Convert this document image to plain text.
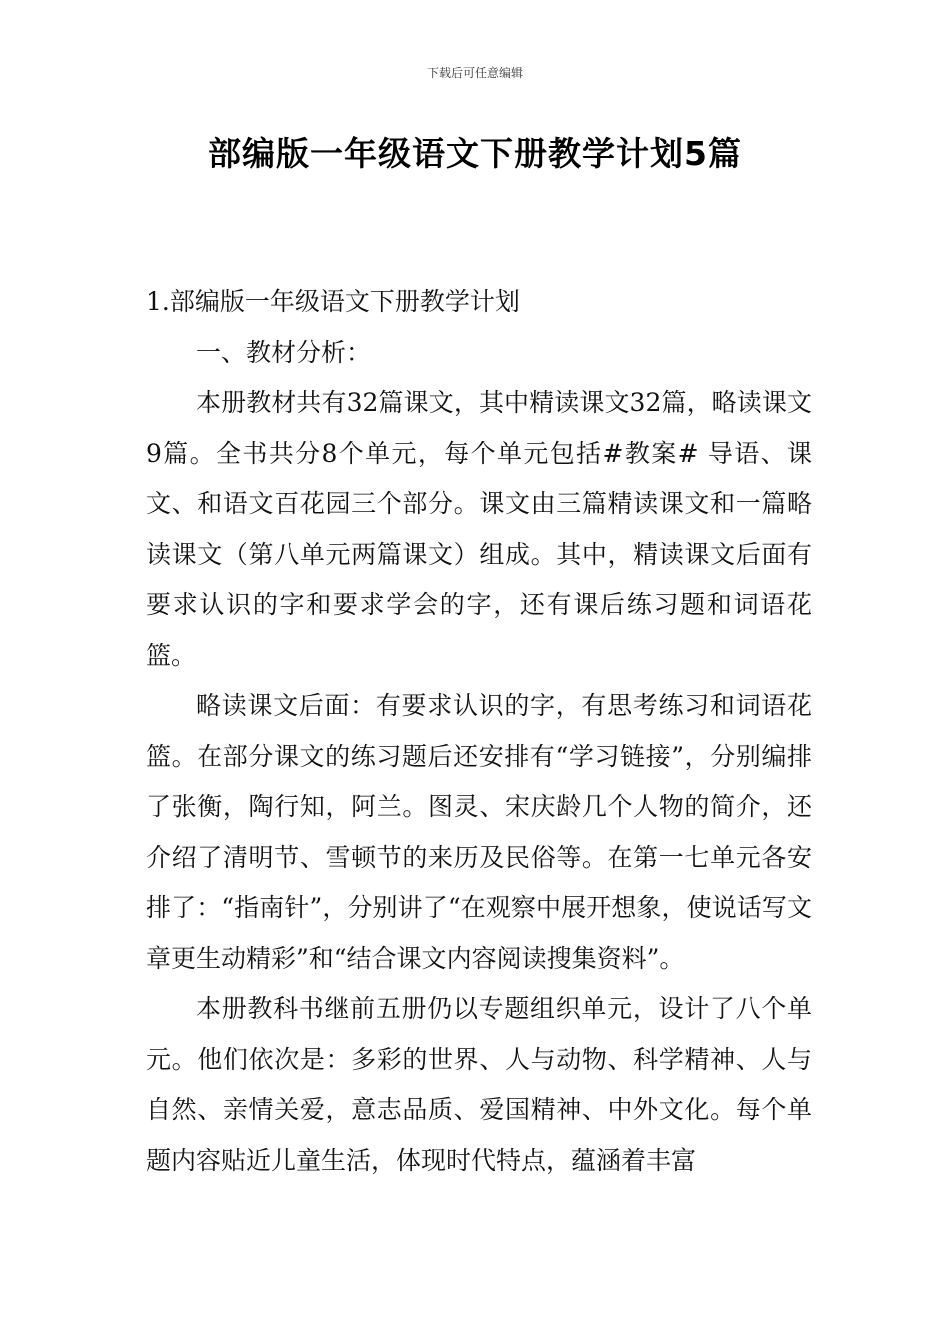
下载后可任意编辑
部编版一年级语文下册教学计划5篇

1.部编版一年级语文下册教学计划

一、教材分析：

本册教材共有32篇课文，其中精读课文32篇，略读课文9篇。全书共分8个单元，每个单元包括#教案# 导语、课文、和语文百花园三个部分。课文由三篇精读课文和一篇略读课文（第八单元两篇课文）组成。其中，精读课文后面有要求认识的字和要求学会的字，还有课后练习题和词语花篮。

略读课文后面：有要求认识的字，有思考练习和词语花篮。在部分课文的练习题后还安排有“学习链接”，分别编排了张衡，陶行知，阿兰。图灵、宋庆龄几个人物的简介，还介绍了清明节、雪顿节的来历及民俗等。在第一七单元各安排了：“指南针”，分别讲了“在观察中展开想象，使说话写文章更生动精彩”和“结合课文内容阅读搜集资料”。

本册教科书继前五册仍以专题组织单元，设计了八个单元。他们依次是：多彩的世界、人与动物、科学精神、人与自然、亲情关爱，意志品质、爱国精神、中外文化。每个单题内容贴近儿童生活，体现时代特点，蕴涵着丰富
